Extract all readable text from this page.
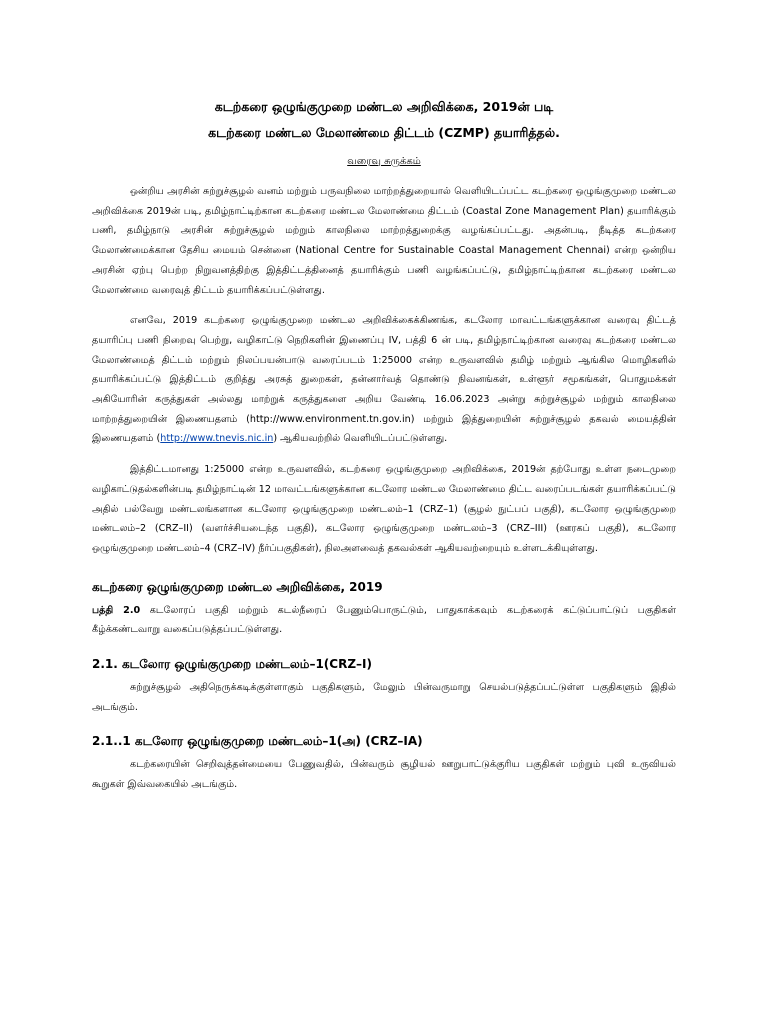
கடற்கரை ஒழுங்குமுறை மண்டல அறிவிக்கை, 2019ன் படி

கடற்கரை மண்டல மேலாண்மை திட்டம் (CZMP) தயாரித்தல்.

வரைவு சுருக்கம்

ஒன்றிய அரசின் சுற்றுச்சூழல் வனம் மற்றும் பருவநிலை மாற்றத்துறையால் வெளியிடப்பட்ட கடற்கரை ஒழுங்குமுறை மண்டல அறிவிக்கை 2019ன் படி, தமிழ்நாட்டிற்கான கடற்கரை மண்டல மேலாண்மை திட்டம் (Coastal Zone Management Plan) தயாரிக்கும் பணி, தமிழ்நாடு அரசின் சுற்றுச்சூழல் மற்றும் காலநிலை மாற்றத்துறைக்கு வழங்கப்பட்டது. அதன்படி, நீடித்த கடற்கரை மேலாண்மைக்கான தேசிய மையம் சென்னை (National Centre for Sustainable Coastal Management Chennai) என்ற ஒன்றிய அரசின் ஏற்பு பெற்ற நிறுவனத்திற்கு இத்திட்டத்தினைத் தயாரிக்கும் பணி வழங்கப்பட்டு, தமிழ்நாட்டிற்கான கடற்கரை மண்டல மேலாண்மை வரைவுத் திட்டம் தயாரிக்கப்பட்டுள்ளது.

எனவே, 2019 கடற்கரை ஒழுங்குமுறை மண்டல அறிவிக்கைக்கிணங்க, கடலோர மாவட்டங்களுக்கான வரைவு திட்டத் தயாரிப்பு பணி நிறைவு பெற்று, வழிகாட்டு நெறிகளின் இணைப்பு IV, பத்தி 6 ன் படி, தமிழ்நாட்டிற்கான வரைவு கடற்கரை மண்டல மேலாண்மைத் திட்டம் மற்றும் நிலப்பயன்பாடு வரைப்படம் 1:25000 என்ற உருவளவில் தமிழ் மற்றும் ஆங்கில மொழிகளில் தயாரிக்கப்பட்டு இத்திட்டம் குறித்து அரசுத் துறைகள், தன்னார்வத் தொண்டு நிவனங்கள், உள்ளூர் சமூகங்கள், பொதுமக்கள் அகியோரின் கருத்துகள் அல்லது மாற்றுக் கருத்துகளை அறிய வேண்டி 16.06.2023 அன்று சுற்றுச்சூழல் மற்றும் காலநிலை மாற்றத்துறையின் இணையதளம் (http://www.environment.tn.gov.in) மற்றும் இத்துறையின் சுற்றுச்சூழல் தகவல் மையத்தின் இணையதளம் (http://www.tnevis.nic.in) ஆகியவற்றில் வெளியிடப்பட்டுள்ளது.

இத்திட்டமானது 1:25000 என்ற உருவளவில், கடற்கரை ஒழுங்குமுறை அறிவிக்கை, 2019ன் தற்போது உள்ள நடைமுறை வழிகாட்டுதல்களின்படி தமிழ்நாட்டின் 12 மாவட்டங்களுக்கான கடலோர மண்டல மேலாண்மை திட்ட வரைப்படங்கள் தயாரிக்கப்பட்டு அதில் பல்வேறு மண்டலங்களான கடலோர ஒழுங்குமுறை மண்டலம்–1 (CRZ–1) (சூழல் நுட்பப் பகுதி), கடலோர ஒழுங்குமுறை மண்டலம்–2 (CRZ–II) (வளர்ச்சியடைந்த பகுதி), கடலோர ஒழுங்குமுறை மண்டலம்–3 (CRZ–III) (ஊரகப் பகுதி), கடலோர ஒழுங்குமுறை மண்டலம்–4 (CRZ–IV) நீர்ப்பகுதிகள்), நிலஅளவைத் தகவல்கள் ஆகியவற்றையும் உள்ளடக்கியுள்ளது.

கடற்கரை ஒழுங்குமுறை மண்டல அறிவிக்கை, 2019

பத்தி 2.0 கடலோரப் பகுதி மற்றும் கடல்நீரைப் பேணும்பொருட்டும், பாதுகாக்கவும் கடற்கரைக் கட்டுப்பாட்டுப் பகுதிகள் கீழ்க்கண்டவாறு வகைப்படுத்தப்பட்டுள்ளது.

2.1. கடலோர ஒழுங்குமுறை மண்டலம்–1(CRZ–I)

சுற்றுச்சூழல் அதிநெருக்கடிக்குள்ளாகும் பகுதிகளும், மேலும் பின்வருமாறு செயல்படுத்தப்பட்டுள்ள பகுதிகளும் இதில் அடங்கும்.

2.1..1 கடலோர ஒழுங்குமுறை மண்டலம்–1(அ) (CRZ–IA)

கடற்கரையின் செறிவுத்தன்மையை பேணுவதில், பின்வரும் சூழியல் ஊறுபாட்டுக்குரிய பகுதிகள் மற்றும் புவி உருவியல் கூறுகள் இவ்வகையில் அடங்கும்.
